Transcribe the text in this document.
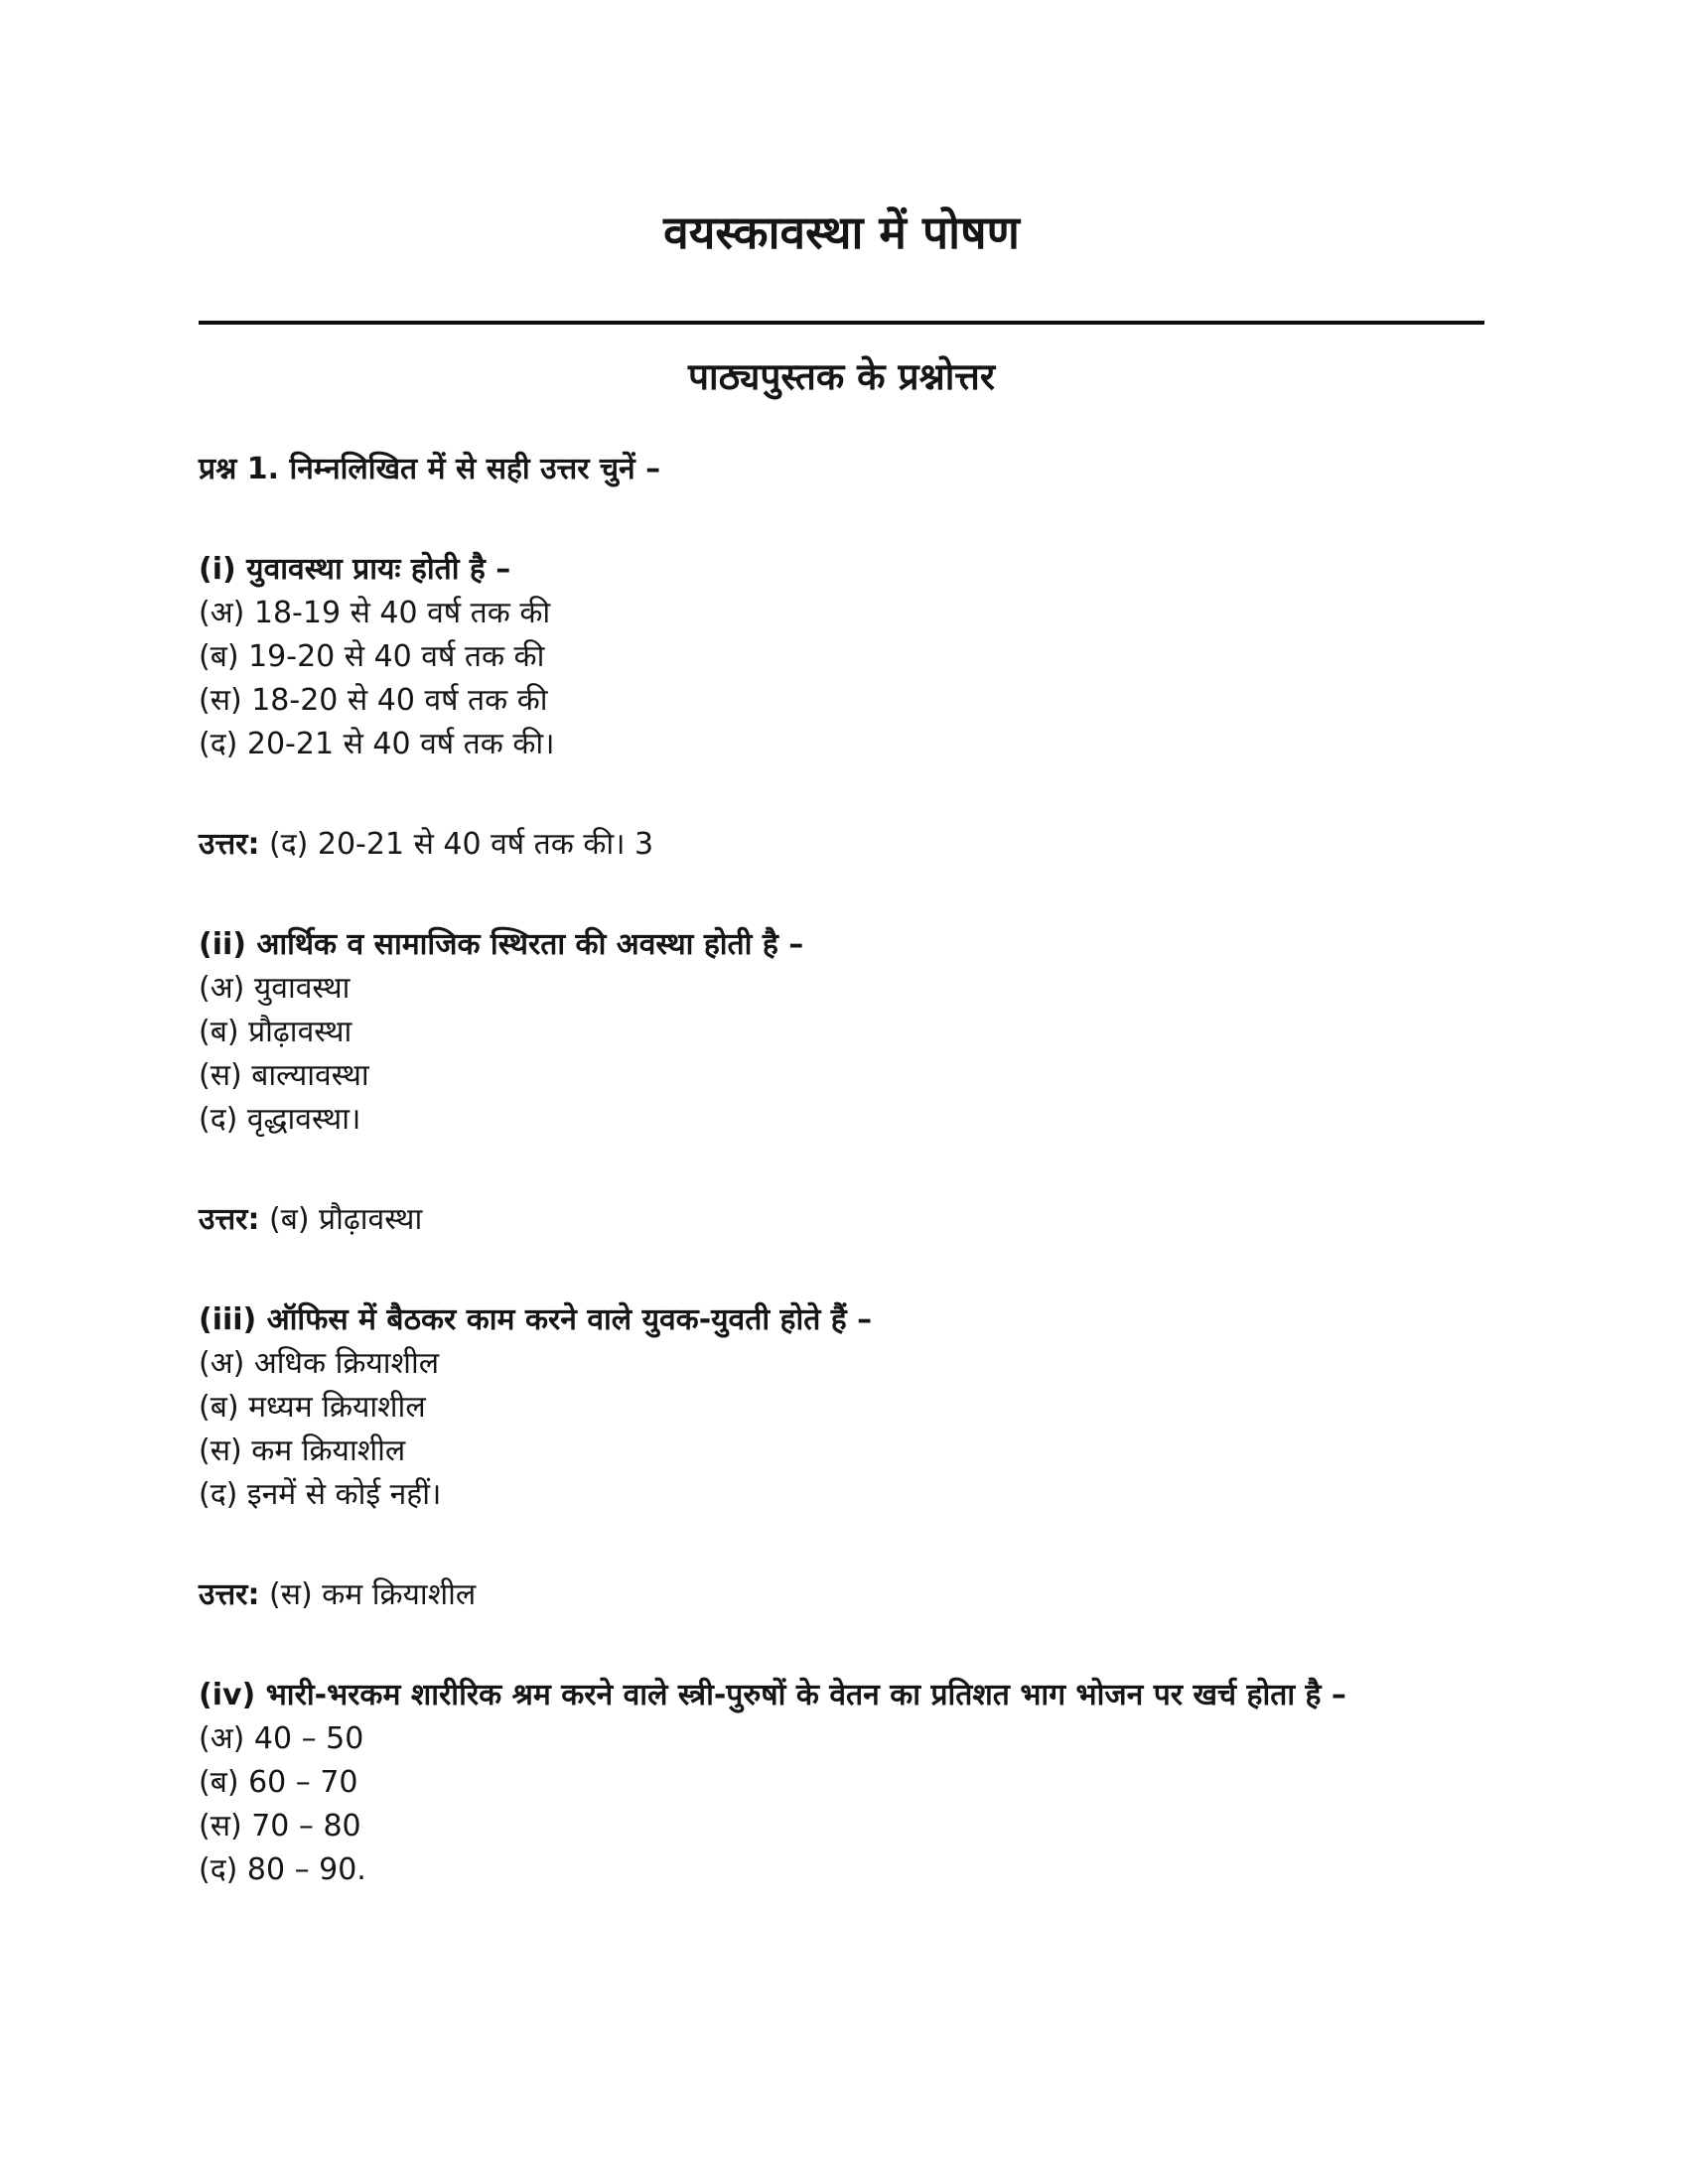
वयस्कावस्था में पोषण
पाठ्यपुस्तक के प्रश्नोत्तर

प्रश्न 1. निम्नलिखित में से सही उत्तर चुनें –

(i) युवावस्था प्रायः होती है –

(अ) 18-19 से 40 वर्ष तक की

(ब) 19-20 से 40 वर्ष तक की

(स) 18-20 से 40 वर्ष तक की

(द) 20-21 से 40 वर्ष तक की।

उत्तर: (द) 20-21 से 40 वर्ष तक की। 3

(ii) आर्थिक व सामाजिक स्थिरता की अवस्था होती है –

(अ) युवावस्था

(ब) प्रौढ़ावस्था

(स) बाल्यावस्था

(द) वृद्धावस्था।

उत्तर: (ब) प्रौढ़ावस्था

(iii) ऑफिस में बैठकर काम करने वाले युवक-युवती होते हैं –

(अ) अधिक क्रियाशील

(ब) मध्यम क्रियाशील

(स) कम क्रियाशील

(द) इनमें से कोई नहीं।

उत्तर: (स) कम क्रियाशील

(iv) भारी-भरकम शारीरिक श्रम करने वाले स्त्री-पुरुषों के वेतन का प्रतिशत भाग भोजन पर खर्च होता है –

(अ) 40 – 50

(ब) 60 – 70

(स) 70 – 80

(द) 80 – 90.
